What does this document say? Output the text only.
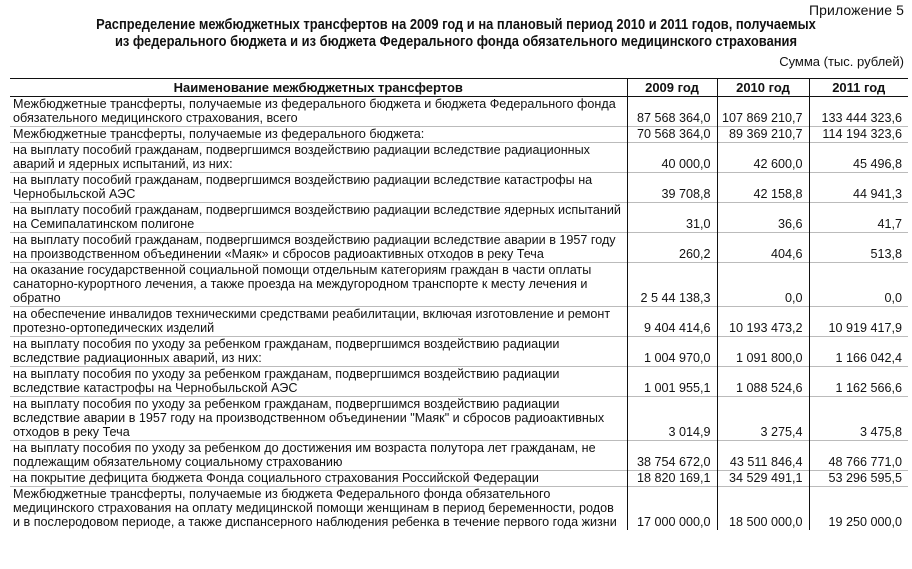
Приложение 5
Распределение межбюджетных трансфертов на 2009 год и на плановый период 2010 и 2011 годов, получаемых
из федерального бюджета и из бюджета Федерального фонда обязательного медицинского страхования
Сумма (тыс. рублей)
Наименование межбюджетных трансфертов	2009 год	2010 год	2011 год
Межбюджетные трансферты, получаемые из федерального бюджета и бюджета Федерального фонда обязательного медицинского страхования, всего	87 568 364,0	107 869 210,7	133 444 323,6
Межбюджетные трансферты, получаемые из федерального бюджета:	70 568 364,0	89 369 210,7	114 194 323,6
на выплату пособий гражданам, подвергшимся воздействию радиации вследствие радиационных аварий и ядерных испытаний, из них:	40 000,0	42 600,0	45 496,8
на выплату пособий гражданам, подвергшимся воздействию радиации вследствие катастрофы на Чернобыльской АЭС	39 708,8	42 158,8	44 941,3
на выплату пособий гражданам, подвергшимся воздействию радиации вследствие ядерных испытаний на Семипалатинском полигоне	31,0	36,6	41,7
на выплату пособий гражданам, подвергшимся воздействию радиации вследствие аварии в 1957 году на производственном объединении «Маяк» и сбросов радиоактивных отходов в реку Теча	260,2	404,6	513,8
на оказание государственной социальной помощи отдельным категориям граждан в части оплаты санаторно-курортного лечения, а также проезда на междугородном транспорте к месту лечения и обратно	2 5 44 138,3	0,0	0,0
на обеспечение инвалидов техническими средствами реабилитации, включая изготовление и ремонт протезно-ортопедических изделий	9 404 414,6	10 193 473,2	10 919 417,9
на выплату пособия по уходу за ребенком гражданам, подвергшимся воздействию радиации вследствие радиационных аварий, из них:	1 004 970,0	1 091 800,0	1 166 042,4
на выплату пособия по уходу за ребенком гражданам, подвергшимся воздействию радиации вследствие катастрофы на Чернобыльской АЭС	1 001 955,1	1 088 524,6	1 162 566,6
на выплату пособия по уходу за ребенком гражданам, подвергшимся воздействию радиации вследствие аварии в 1957 году на производственном объединении "Маяк" и сбросов радиоактивных отходов в реку Теча	3 014,9	3 275,4	3 475,8
на выплату пособия по уходу за ребенком до достижения им возраста полутора лет гражданам, не подлежащим обязательному социальному страхованию	38 754 672,0	43 511 846,4	48 766 771,0
на покрытие дефицита бюджета Фонда социального страхования Российской Федерации	18 820 169,1	34 529 491,1	53 296 595,5
Межбюджетные трансферты, получаемые из бюджета Федерального фонда обязательного медицинского страхования на оплату медицинской помощи женщинам в период беременности, родов и в послеродовом периоде, а также диспансерного наблюдения ребенка в течение первого года жизни	17 000 000,0	18 500 000,0	19 250 000,0
